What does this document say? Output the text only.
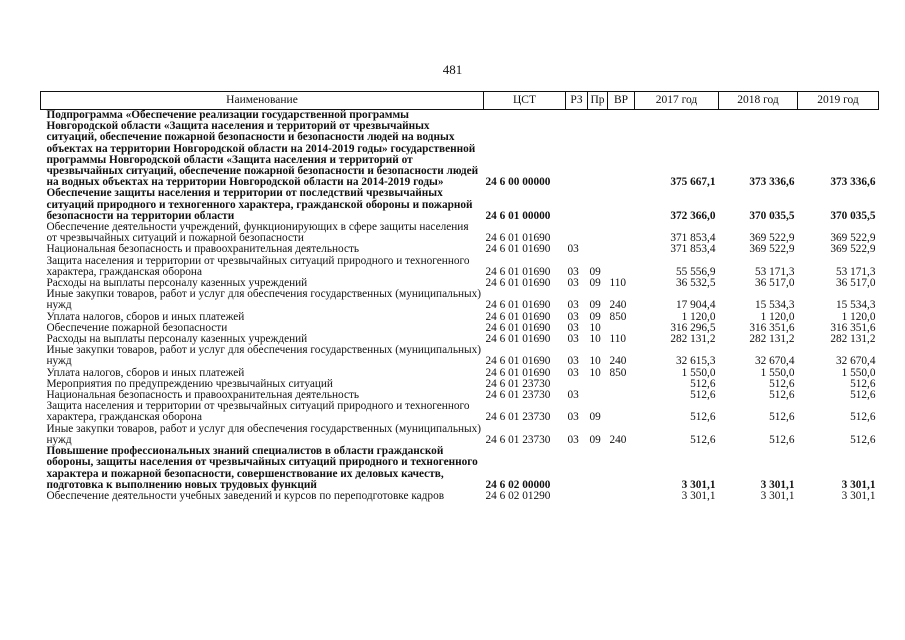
481
Наименование	ЦСТ	РЗ	Пр	ВР	2017 год	2018 год	2019 год
Подпрограмма «Обеспечение реализации государственной программы Новгородской области «Защита населения и территорий от чрезвычайных ситуаций, обеспечение пожарной безопасности и безопасности людей на водных объектах на территории Новгородской области на 2014-2019 годы» государственной программы Новгородской области «Защита населения и территорий от чрезвычайных ситуаций, обеспечение пожарной безопасности и безопасности людей на водных объектах на территории Новгородской области на 2014-2019 годы»	24 6 00 00000				375 667,1	373 336,6	373 336,6
Обеспечение защиты населения и территории от последствий чрезвычайных ситуаций природного и техногенного характера, гражданской обороны и пожарной безопасности на территории области	24 6 01 00000				372 366,0	370 035,5	370 035,5
Обеспечение деятельности учреждений, функционирующих в сфере защиты населения от чрезвычайных ситуаций и пожарной безопасности	24 6 01 01690				371 853,4	369 522,9	369 522,9
Национальная безопасность и правоохранительная деятельность	24 6 01 01690	03			371 853,4	369 522,9	369 522,9
Защита населения и территории от чрезвычайных ситуаций природного и техногенного характера, гражданская оборона	24 6 01 01690	03	09		55 556,9	53 171,3	53 171,3
Расходы на выплаты персоналу казенных учреждений	24 6 01 01690	03	09	110	36 532,5	36 517,0	36 517,0
Иные закупки товаров, работ и услуг для обеспечения государственных (муниципальных) нужд	24 6 01 01690	03	09	240	17 904,4	15 534,3	15 534,3
Уплата налогов, сборов и иных платежей	24 6 01 01690	03	09	850	1 120,0	1 120,0	1 120,0
Обеспечение пожарной безопасности	24 6 01 01690	03	10		316 296,5	316 351,6	316 351,6
Расходы на выплаты персоналу казенных учреждений	24 6 01 01690	03	10	110	282 131,2	282 131,2	282 131,2
Иные закупки товаров, работ и услуг для обеспечения государственных (муниципальных) нужд	24 6 01 01690	03	10	240	32 615,3	32 670,4	32 670,4
Уплата налогов, сборов и иных платежей	24 6 01 01690	03	10	850	1 550,0	1 550,0	1 550,0
Мероприятия по предупреждению чрезвычайных ситуаций	24 6 01 23730				512,6	512,6	512,6
Национальная безопасность и правоохранительная деятельность	24 6 01 23730	03			512,6	512,6	512,6
Защита населения и территории от чрезвычайных ситуаций природного и техногенного характера, гражданская оборона	24 6 01 23730	03	09		512,6	512,6	512,6
Иные закупки товаров, работ и услуг для обеспечения государственных (муниципальных) нужд	24 6 01 23730	03	09	240	512,6	512,6	512,6
Повышение профессиональных знаний специалистов в области гражданской обороны, защиты населения от чрезвычайных ситуаций природного и техногенного характера и пожарной безопасности, совершенствование их деловых качеств, подготовка к выполнению новых трудовых функций	24 6 02 00000				3 301,1	3 301,1	3 301,1
Обеспечение деятельности учебных заведений и курсов по переподготовке кадров	24 6 02 01290				3 301,1	3 301,1	3 301,1
